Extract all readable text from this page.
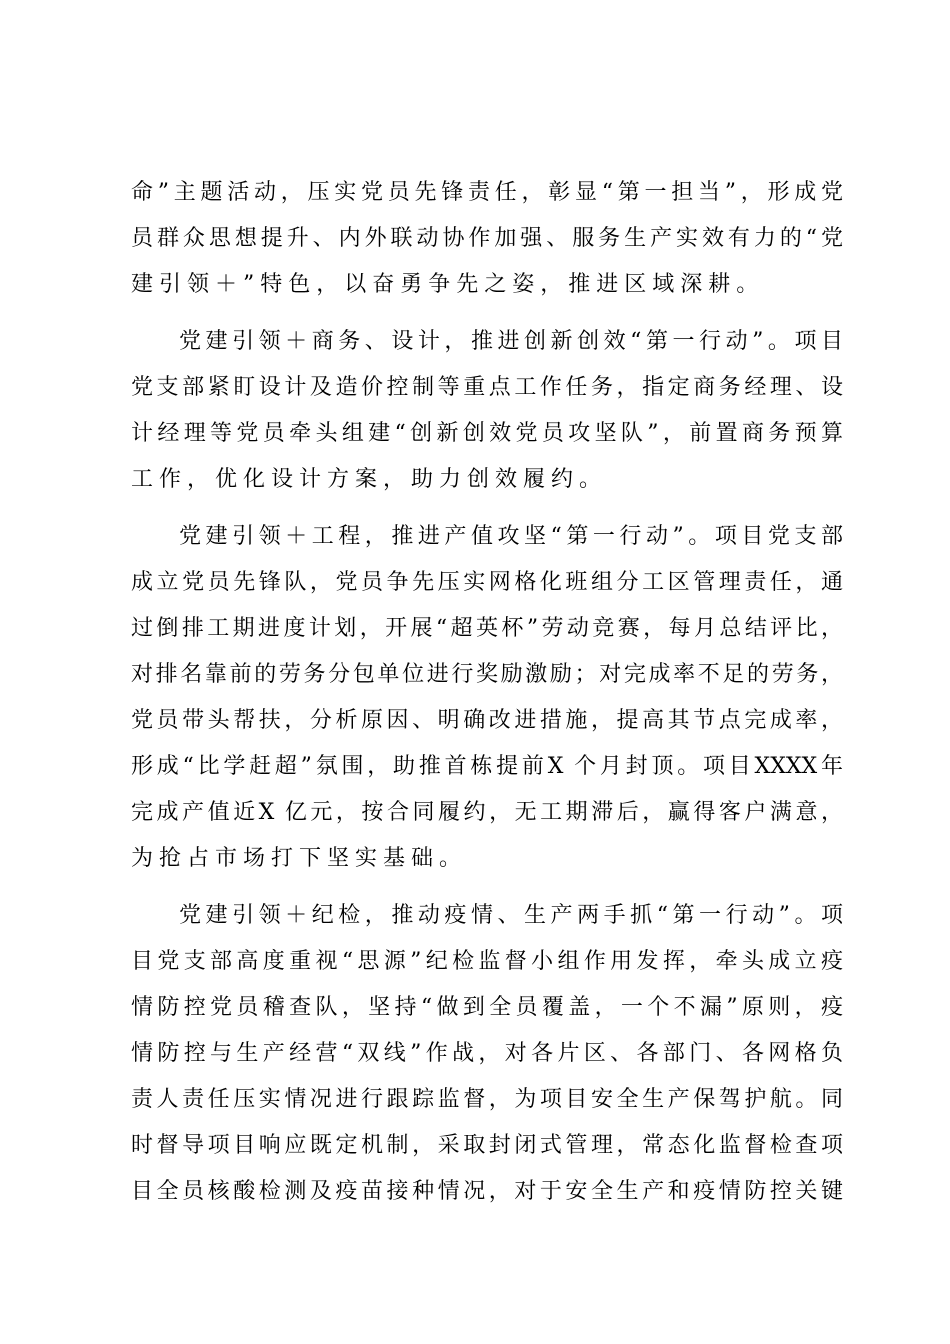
命”主题活动，压实党员先锋责任，彰显“第一担当”，形成党
员群众思想提升、内外联动协作加强、服务生产实效有力的“党
建引领＋”特色，以奋勇争先之姿，推进区域深耕。

党建引领＋商务、设计，推进创新创效“第一行动”。项目
党支部紧盯设计及造价控制等重点工作任务，指定商务经理、设
计经理等党员牵头组建“创新创效党员攻坚队”，前置商务预算
工作，优化设计方案，助力创效履约。

党建引领＋工程，推进产值攻坚“第一行动”。项目党支部
成立党员先锋队，党员争先压实网格化班组分工区管理责任，通
过倒排工期进度计划，开展“超英杯”劳动竞赛，每月总结评比，
对排名靠前的劳务分包单位进行奖励激励；对完成率不足的劳务，
党员带头帮扶，分析原因、明确改进措施，提高其节点完成率，
形成“比学赶超”氛围，助推首栋提前X 个月封顶。项目XXXX年
完成产值近X 亿元，按合同履约，无工期滞后，赢得客户满意，
为抢占市场打下坚实基础。

党建引领＋纪检，推动疫情、生产两手抓“第一行动”。项
目党支部高度重视“思源”纪检监督小组作用发挥，牵头成立疫
情防控党员稽查队，坚持“做到全员覆盖，一个不漏”原则，疫
情防控与生产经营“双线”作战，对各片区、各部门、各网格负
责人责任压实情况进行跟踪监督，为项目安全生产保驾护航。同
时督导项目响应既定机制，采取封闭式管理，常态化监督检查项
目全员核酸检测及疫苗接种情况，对于安全生产和疫情防控关键
